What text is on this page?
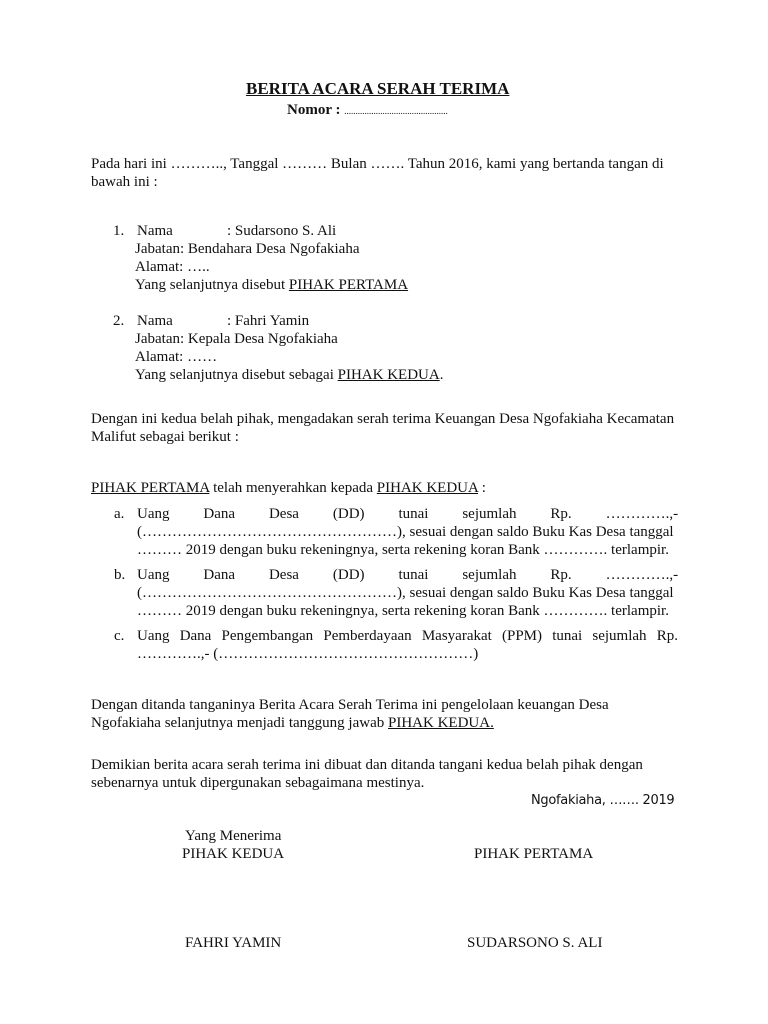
BERITA ACARA SERAH TERIMA
Nomor : ..............................................
Pada hari ini ……….., Tanggal ……… Bulan ……. Tahun 2016, kami yang bertanda tangan di
bawah ini :
1. Nama	: Sudarsono S. Ali
Jabatan: Bendahara Desa Ngofakiaha
Alamat: …..
Yang selanjutnya disebut PIHAK PERTAMA
2. Nama	: Fahri Yamin
Jabatan: Kepala Desa Ngofakiaha
Alamat: ……
Yang selanjutnya disebut sebagai PIHAK KEDUA.
Dengan ini kedua belah pihak, mengadakan serah terima Keuangan Desa Ngofakiaha Kecamatan
Malifut sebagai berikut :
PIHAK PERTAMA telah menyerahkan kepada PIHAK KEDUA :
a. Uang Dana Desa (DD) tunai sejumlah Rp. ………….,-
(……………………………………………), sesuai dengan saldo Buku Kas Desa tanggal
……… 2019 dengan buku rekeningnya, serta rekening koran Bank …………. terlampir.
b. Uang Dana Desa (DD) tunai sejumlah Rp. ………….,-
(……………………………………………), sesuai dengan saldo Buku Kas Desa tanggal
……… 2019 dengan buku rekeningnya, serta rekening koran Bank …………. terlampir.
c. Uang Dana Pengembangan Pemberdayaan Masyarakat (PPM) tunai sejumlah Rp.
………….,- (……………………………………………)
Dengan ditanda tanganinya Berita Acara Serah Terima ini pengelolaan keuangan Desa
Ngofakiaha selanjutnya menjadi tanggung jawab PIHAK KEDUA.
Demikian berita acara serah terima ini dibuat dan ditanda tangani kedua belah pihak dengan
sebenarnya untuk dipergunakan sebagaimana mestinya.
Ngofakiaha, ……. 2019
Yang Menerima
PIHAK KEDUA	PIHAK PERTAMA
FAHRI YAMIN	SUDARSONO S. ALI
